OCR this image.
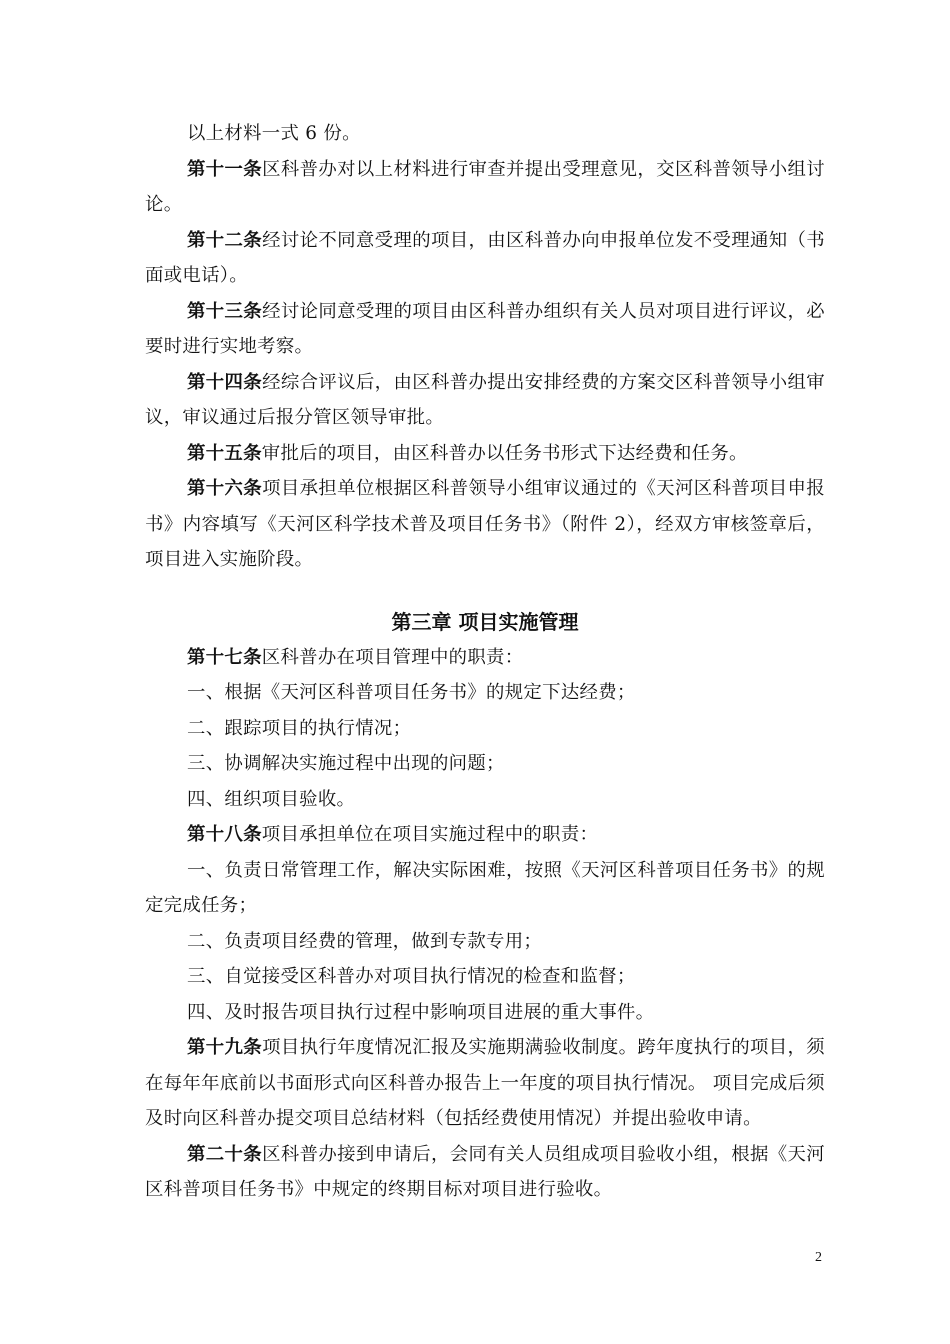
以上材料一式 6 份。

第十一条区科普办对以上材料进行审查并提出受理意见，交区科普领导小组讨论。

第十二条经讨论不同意受理的项目，由区科普办向申报单位发不受理通知（书面或电话）。

第十三条经讨论同意受理的项目由区科普办组织有关人员对项目进行评议，必要时进行实地考察。

第十四条经综合评议后，由区科普办提出安排经费的方案交区科普领导小组审议，审议通过后报分管区领导审批。

第十五条审批后的项目，由区科普办以任务书形式下达经费和任务。

第十六条项目承担单位根据区科普领导小组审议通过的《天河区科普项目申报书》内容填写《天河区科学技术普及项目任务书》（附件 2），经双方审核签章后，项目进入实施阶段。

第三章 项目实施管理

第十七条区科普办在项目管理中的职责：

一、根据《天河区科普项目任务书》的规定下达经费；

二、跟踪项目的执行情况；

三、协调解决实施过程中出现的问题；

四、组织项目验收。

第十八条项目承担单位在项目实施过程中的职责：

一、负责日常管理工作，解决实际困难，按照《天河区科普项目任务书》的规定完成任务；

二、负责项目经费的管理，做到专款专用；

三、自觉接受区科普办对项目执行情况的检查和监督；

四、及时报告项目执行过程中影响项目进展的重大事件。

第十九条项目执行年度情况汇报及实施期满验收制度。跨年度执行的项目，须在每年年底前以书面形式向区科普办报告上一年度的项目执行情况。 项目完成后须及时向区科普办提交项目总结材料（包括经费使用情况）并提出验收申请。

第二十条区科普办接到申请后，会同有关人员组成项目验收小组，根据《天河区科普项目任务书》中规定的终期目标对项目进行验收。

2
